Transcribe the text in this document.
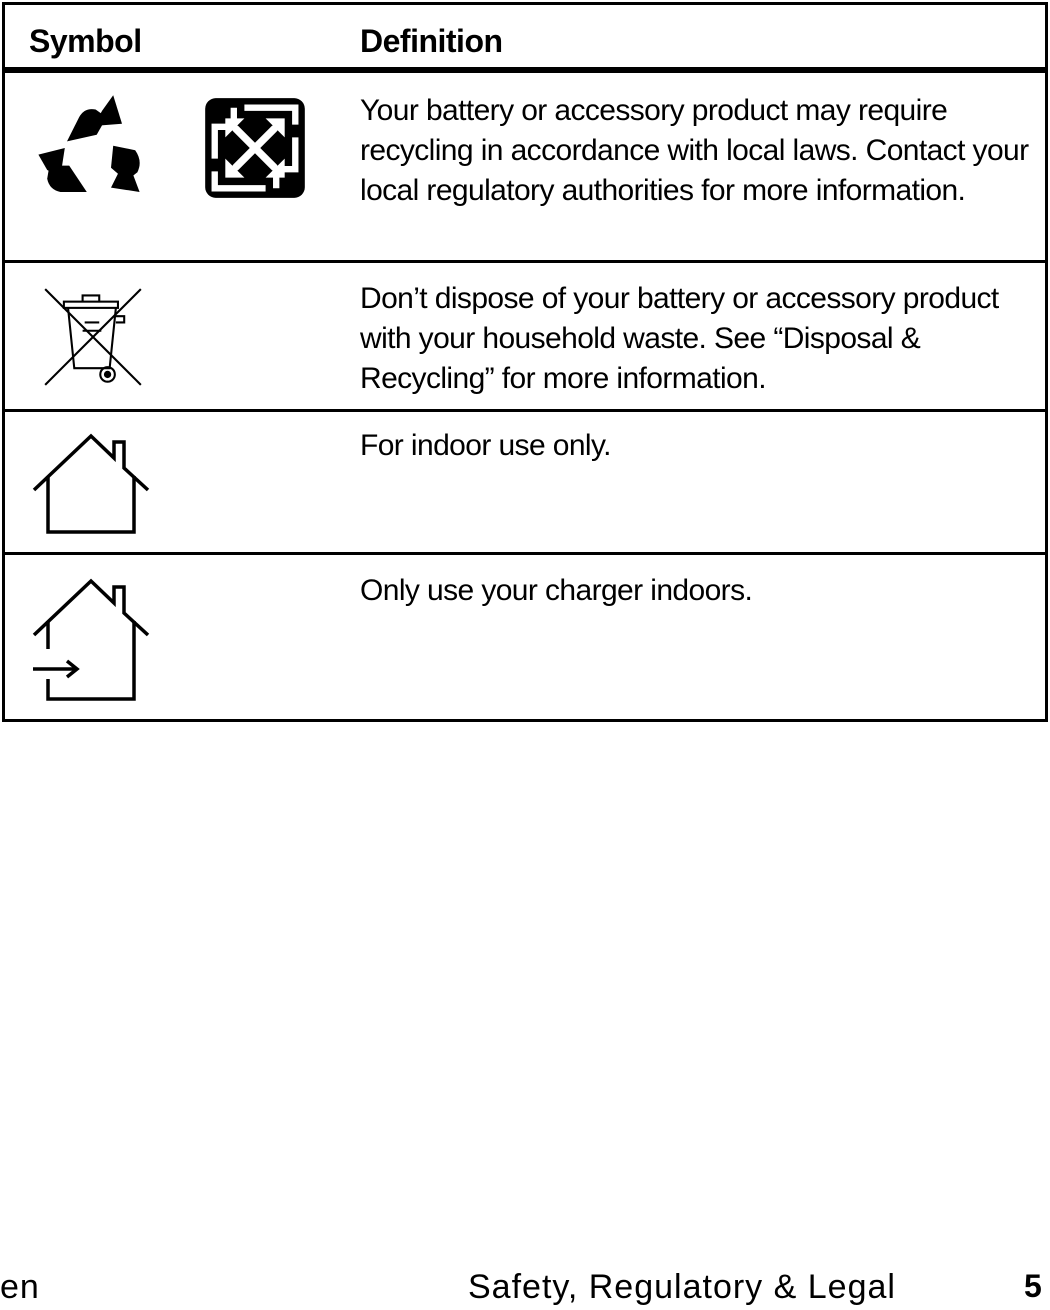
Symbol	Definition
Your battery or accessory product may require recycling in accordance with local laws. Contact your local regulatory authorities for more information.
Don’t dispose of your battery or accessory product with your household waste. See “Disposal & Recycling” for more information.
For indoor use only.
Only use your charger indoors.
en	Safety, Regulatory & Legal	5
